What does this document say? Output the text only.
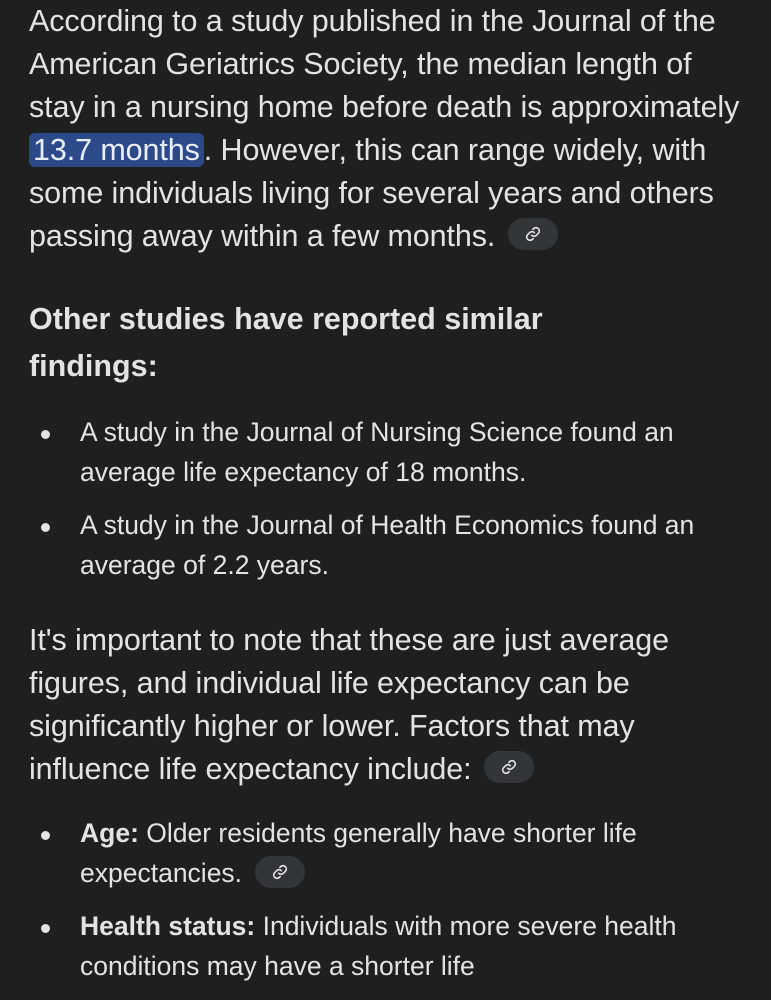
According to a study published in the Journal of the American Geriatrics Society, the median length of stay in a nursing home before death is approximately 13.7 months . However, this can range widely, with some individuals living for several years and others passing away within a few months.

Other studies have reported similar findings:
A study in the Journal of Nursing Science found an average life expectancy of 18 months.
A study in the Journal of Health Economics found an average of 2.2 years.

It's important to note that these are just average figures, and individual life expectancy can be significantly higher or lower. Factors that may influence life expectancy include:

Age: Older residents generally have shorter life expectancies.
Health status: Individuals with more severe health conditions may have a shorter life
